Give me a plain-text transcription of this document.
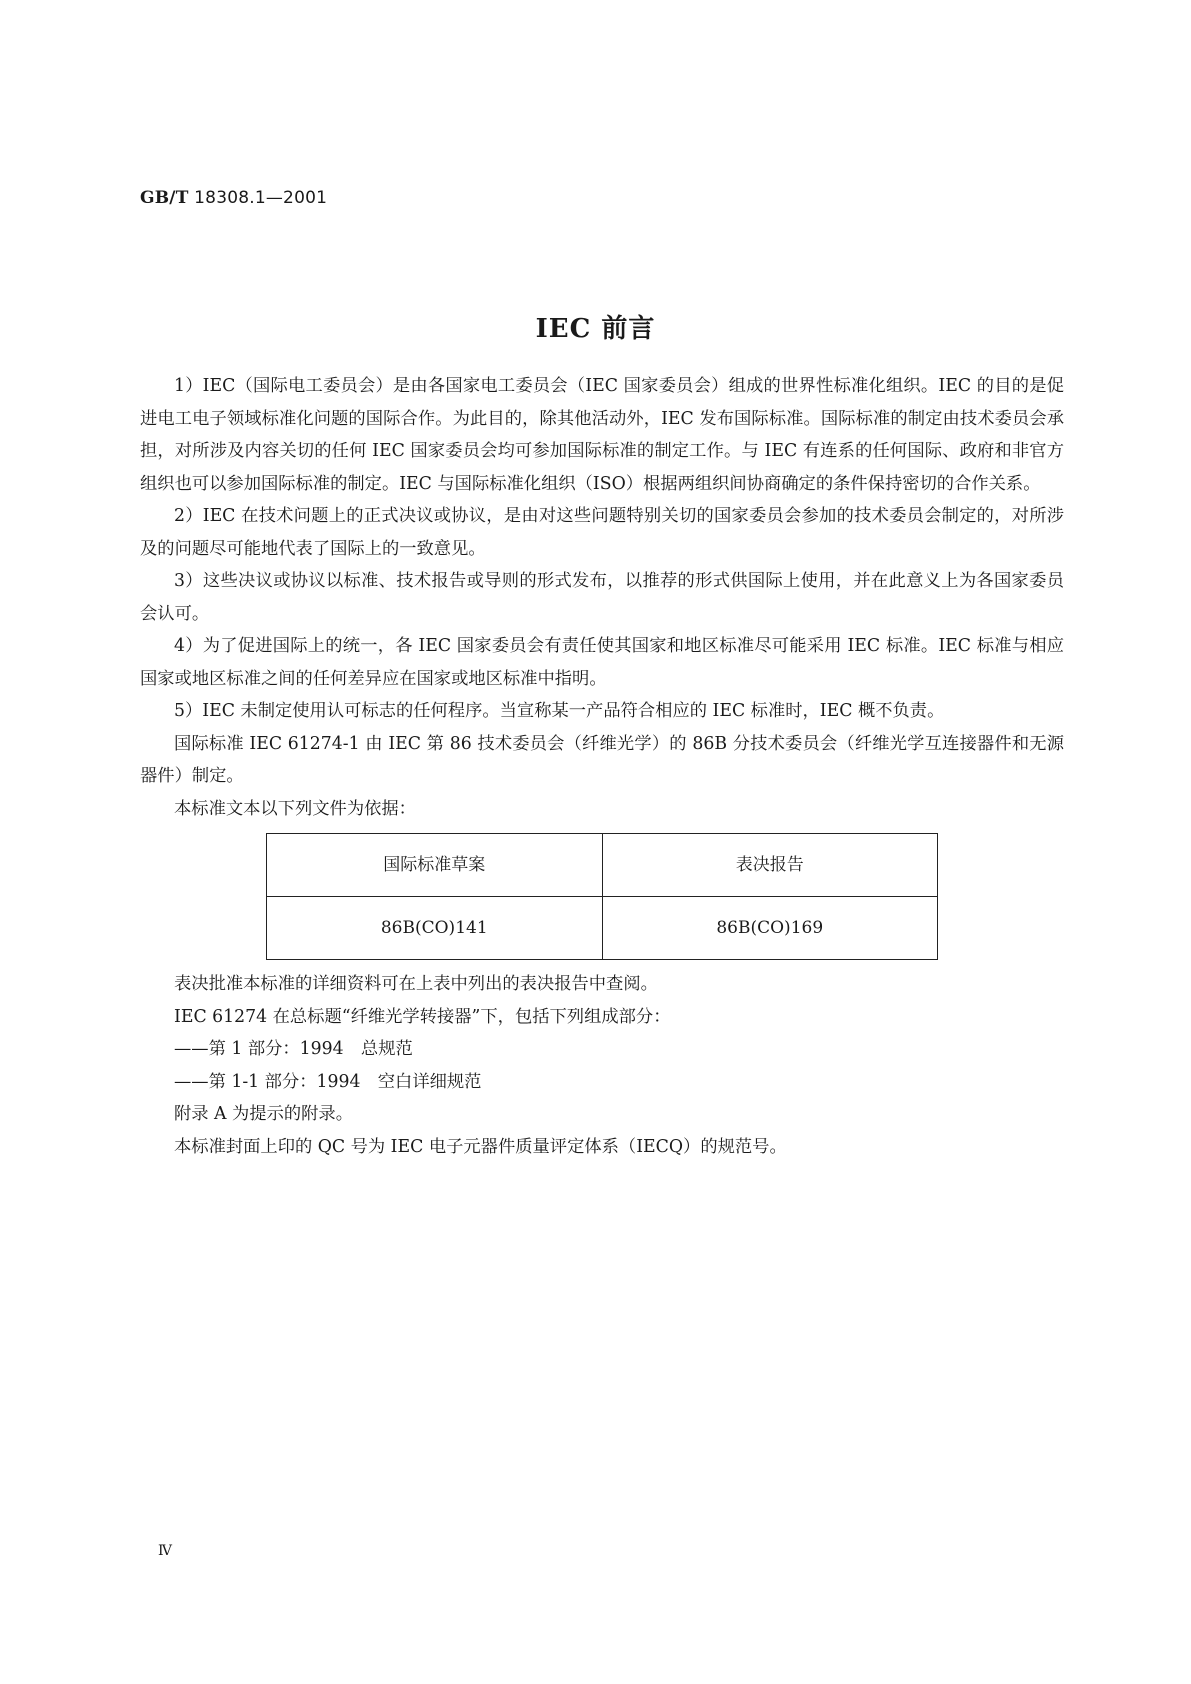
GB/T 18308.1—2001
IEC 前言

1）IEC（国际电工委员会）是由各国家电工委员会（IEC 国家委员会）组成的世界性标准化组织。IEC 的目的是促进电工电子领域标准化问题的国际合作。为此目的，除其他活动外，IEC 发布国际标准。国际标准的制定由技术委员会承担，对所涉及内容关切的任何 IEC 国家委员会均可参加国际标准的制定工作。与 IEC 有连系的任何国际、政府和非官方组织也可以参加国际标准的制定。IEC 与国际标准化组织（ISO）根据两组织间协商确定的条件保持密切的合作关系。

2）IEC 在技术问题上的正式决议或协议，是由对这些问题特别关切的国家委员会参加的技术委员会制定的，对所涉及的问题尽可能地代表了国际上的一致意见。

3）这些决议或协议以标准、技术报告或导则的形式发布，以推荐的形式供国际上使用，并在此意义上为各国家委员会认可。

4）为了促进国际上的统一，各 IEC 国家委员会有责任使其国家和地区标准尽可能采用 IEC 标准。IEC 标准与相应国家或地区标准之间的任何差异应在国家或地区标准中指明。

5）IEC 未制定使用认可标志的任何程序。当宣称某一产品符合相应的 IEC 标准时，IEC 概不负责。

国际标准 IEC 61274-1 由 IEC 第 86 技术委员会（纤维光学）的 86B 分技术委员会（纤维光学互连接器件和无源器件）制定。

本标准文本以下列文件为依据：

国际标准草案	表决报告
86B(CO)141	86B(CO)169

表决批准本标准的详细资料可在上表中列出的表决报告中查阅。

IEC 61274 在总标题“纤维光学转接器”下，包括下列组成部分：

——第 1 部分：1994　总规范

——第 1-1 部分：1994　空白详细规范

附录 A 为提示的附录。

本标准封面上印的 QC 号为 IEC 电子元器件质量评定体系（IECQ）的规范号。

Ⅳ
